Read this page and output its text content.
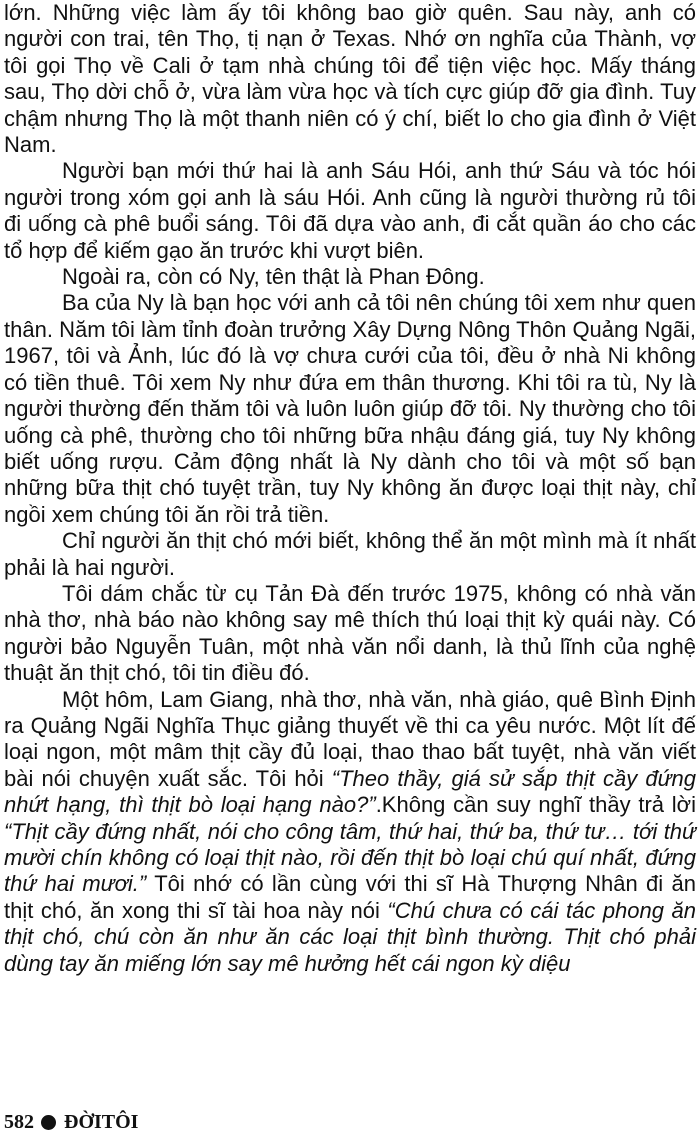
lớn. Những việc làm ấy tôi không bao giờ quên. Sau này, anh có người con trai, tên Thọ, tị nạn ở Texas. Nhớ ơn nghĩa của Thành, vợ tôi gọi Thọ về Cali ở tạm nhà chúng tôi để tiện việc học. Mấy tháng sau, Thọ dời chỗ ở, vừa làm vừa học và tích cực giúp đỡ gia đình. Tuy chậm nhưng Thọ là một thanh niên có ý chí, biết lo cho gia đình ở Việt Nam.

Người bạn mới thứ hai là anh Sáu Hói, anh thứ Sáu và tóc hói người trong xóm gọi anh là sáu Hói. Anh cũng là người thường rủ tôi đi uống cà phê buổi sáng. Tôi đã dựa vào anh, đi cắt quần áo cho các tổ hợp để kiếm gạo ăn trước khi vượt biên.

Ngoài ra, còn có Ny, tên thật là Phan Đông.

Ba của Ny là bạn học với anh cả tôi nên chúng tôi xem như quen thân. Năm tôi làm tỉnh đoàn trưởng Xây Dựng Nông Thôn Quảng Ngãi, 1967, tôi và Ảnh, lúc đó là vợ chưa cưới của tôi, đều ở nhà Ni không có tiền thuê. Tôi xem Ny như đứa em thân thương. Khi tôi ra tù, Ny là người thường đến thăm tôi và luôn luôn giúp đỡ tôi. Ny thường cho tôi uống cà phê, thường cho tôi những bữa nhậu đáng giá, tuy Ny không biết uống rượu. Cảm động nhất là Ny dành cho tôi và một số bạn những bữa thịt chó tuyệt trần, tuy Ny không ăn được loại thịt này, chỉ ngồi xem chúng tôi ăn rồi trả tiền.

Chỉ người ăn thịt chó mới biết, không thể ăn một mình mà ít nhất phải là hai người.

Tôi dám chắc từ cụ Tản Đà đến trước 1975, không có nhà văn nhà thơ, nhà báo nào không say mê thích thú loại thịt kỳ quái này. Có người bảo Nguyễn Tuân, một nhà văn nổi danh, là thủ lĩnh của nghệ thuật ăn thịt chó, tôi tin điều đó.

Một hôm, Lam Giang, nhà thơ, nhà văn, nhà giáo, quê Bình Định ra Quảng Ngãi Nghĩa Thục giảng thuyết về thi ca yêu nước. Một lít đế loại ngon, một mâm thịt cầy đủ loại, thao thao bất tuyệt, nhà văn viết bài nói chuyện xuất sắc. Tôi hỏi “Theo thầy, giá sử sắp thịt cầy đứng nhứt hạng, thì thịt bò loại hạng nào?”.Không cần suy nghĩ thầy trả lời “Thịt cầy đứng nhất, nói cho công tâm, thứ hai, thứ ba, thứ tư… tới thứ mười chín không có loại thịt nào, rồi đến thịt bò loại chú quí nhất, đứng thứ hai mươi.” Tôi nhớ có lần cùng với thi sĩ Hà Thượng Nhân đi ăn thịt chó, ăn xong thi sĩ tài hoa này nói “Chú chưa có cái tác phong ăn thịt chó, chú còn ăn như ăn các loại thịt bình thường. Thịt chó phải dùng tay ăn miếng lớn say mê hưởng hết cái ngon kỳ diệu

582 ĐỜITÔI
